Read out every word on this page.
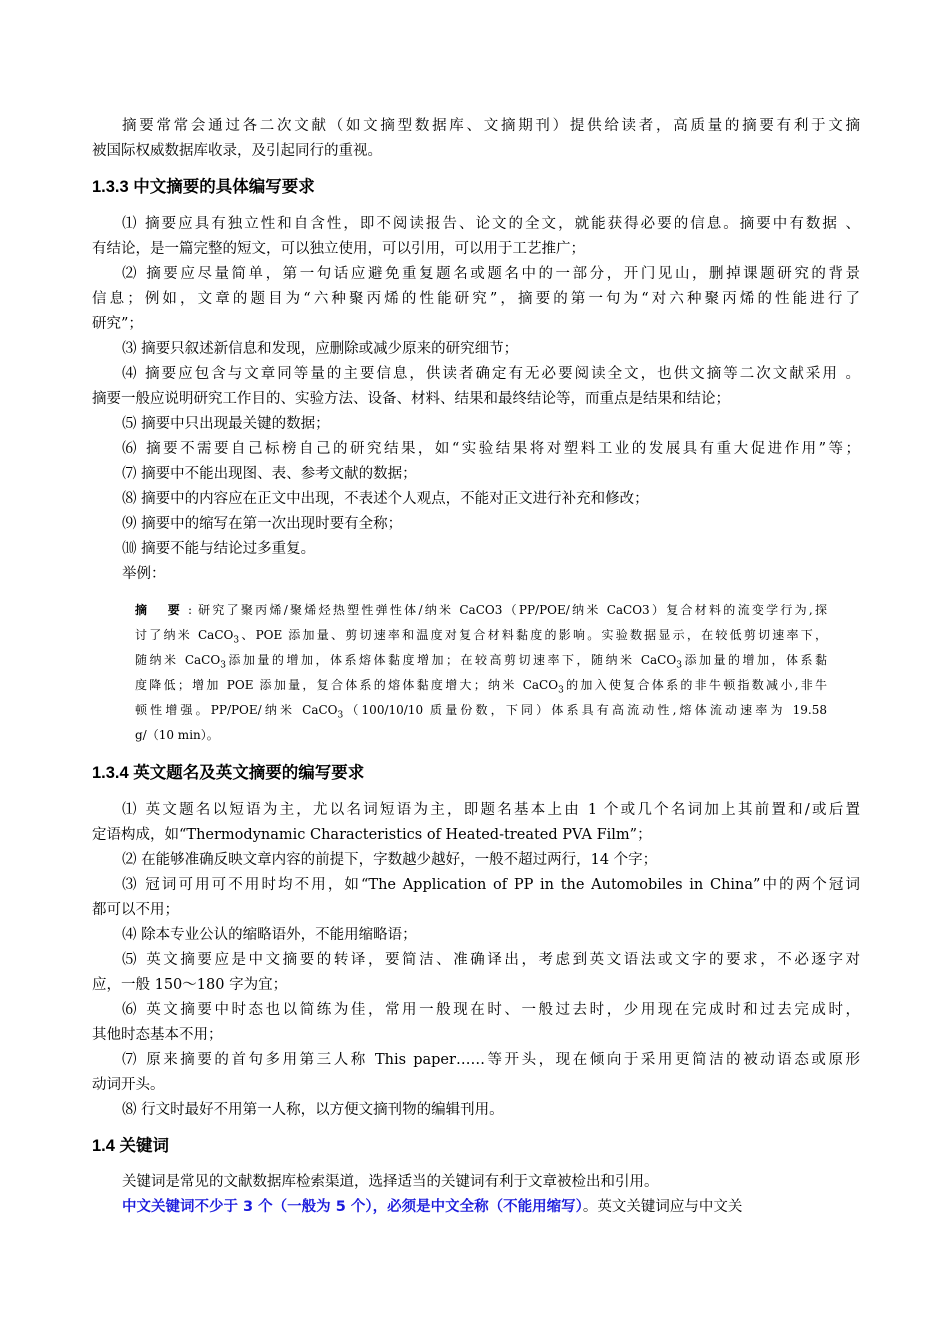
摘要常常会通过各二次文献（如文摘型数据库、文摘期刊）提供给读者，高质量的摘要有利于文摘
被国际权威数据库收录，及引起同行的重视。
1.3.3 中文摘要的具体编写要求
⑴ 摘要应具有独立性和自含性，即不阅读报告、论文的全文，就能获得必要的信息。摘要中有数据 、
有结论，是一篇完整的短文，可以独立使用，可以引用，可以用于工艺推广；
⑵ 摘要应尽量简单，第一句话应避免重复题名或题名中的一部分，开门见山，删掉课题研究的背景
信息；例如，文章的题目为“六种聚丙烯的性能研究”，摘要的第一句为“对六种聚丙烯的性能进行了
研究”；
⑶ 摘要只叙述新信息和发现，应删除或减少原来的研究细节；
⑷ 摘要应包含与文章同等量的主要信息，供读者确定有无必要阅读全文，也供文摘等二次文献采用 。
摘要一般应说明研究工作目的、实验方法、设备、材料、结果和最终结论等，而重点是结果和结论；
⑸ 摘要中只出现最关键的数据；
⑹ 摘要不需要自己标榜自己的研究结果，如“实验结果将对塑料工业的发展具有重大促进作用”等；
⑺ 摘要中不能出现图、表、参考文献的数据；
⑻ 摘要中的内容应在正文中出现，不表述个人观点，不能对正文进行补充和修改；
⑼ 摘要中的缩写在第一次出现时要有全称；
⑽ 摘要不能与结论过多重复。
举例：
摘 要: 研究了聚丙烯/聚烯烃热塑性弹性体/纳米 CaCO3（PP/POE/纳米 CaCO3）复合材料的流变学行为,探
讨了纳米 CaCO$_3$、POE 添加量、剪切速率和温度对复合材料黏度的影响。实验数据显示，在较低剪切速率下，
随纳米 CaCO$_3$添加量的增加，体系熔体黏度增加；在较高剪切速率下，随纳米 CaCO$_3$添加量的增加，体系黏
度降低；增加 POE 添加量，复合体系的熔体黏度增大；纳米 CaCO$_3$的加入使复合体系的非牛顿指数减小,非牛
顿性增强。PP/POE/纳米 CaCO$_3$（100/10/10 质量份数，下同）体系具有高流动性,熔体流动速率为 19.58
g/（10 min）。
1.3.4 英文题名及英文摘要的编写要求
⑴ 英文题名以短语为主，尤以名词短语为主，即题名基本上由 1 个或几个名词加上其前置和/或后置
定语构成，如“Thermodynamic Characteristics of Heated-treated PVA Film”；
⑵ 在能够准确反映文章内容的前提下，字数越少越好，一般不超过两行，14 个字；
⑶ 冠词可用可不用时均不用，如“The Application of PP in the Automobiles in China”中的两个冠词
都可以不用；
⑷ 除本专业公认的缩略语外，不能用缩略语；
⑸ 英文摘要应是中文摘要的转译，要简洁、准确译出，考虑到英文语法或文字的要求，不必逐字对
应，一般 150～180 字为宜；
⑹ 英文摘要中时态也以简练为佳，常用一般现在时、一般过去时，少用现在完成时和过去完成时，
其他时态基本不用；
⑺ 原来摘要的首句多用第三人称 This paper……等开头，现在倾向于采用更简洁的被动语态或原形
动词开头。
⑻ 行文时最好不用第一人称，以方便文摘刊物的编辑刊用。
1.4 关键词
关键词是常见的文献数据库检索渠道，选择适当的关键词有利于文章被检出和引用。
中文关键词不少于 3 个（一般为 5 个），必须是中文全称（不能用缩写）。英文关键词应与中文关
